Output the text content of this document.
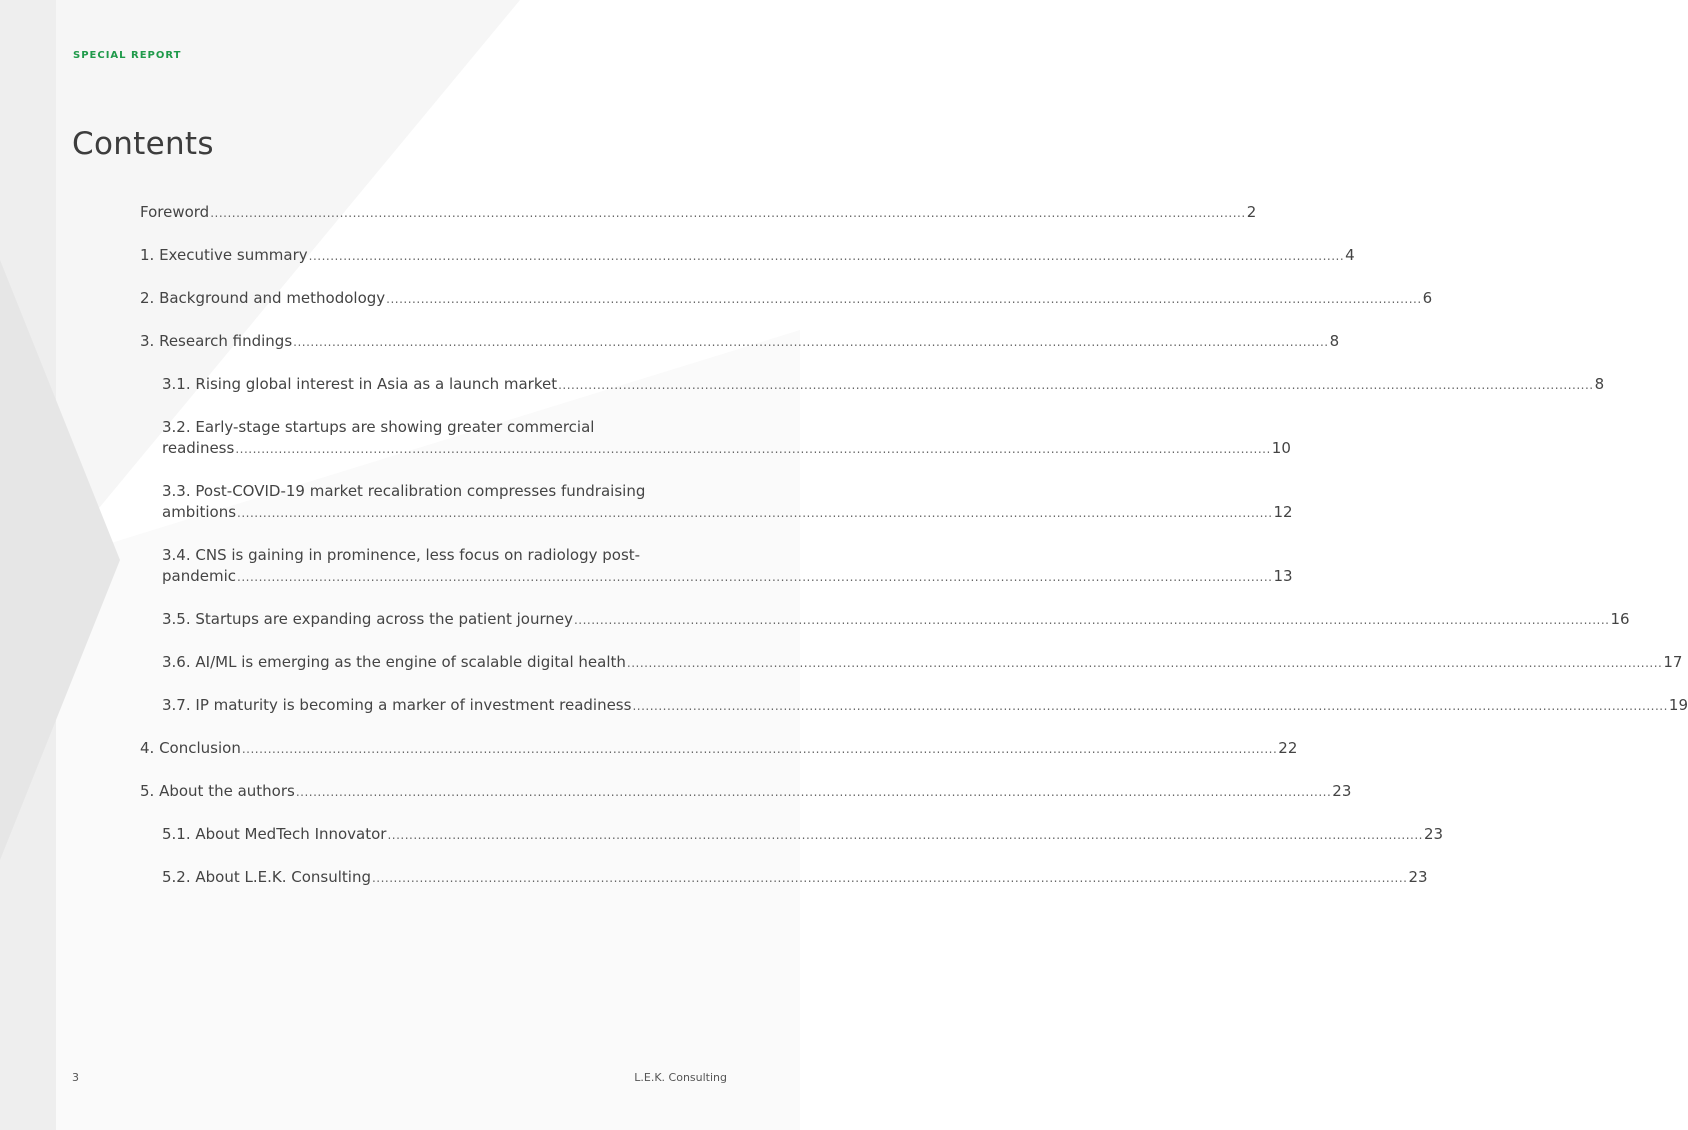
SPECIAL REPORT
Contents
Foreword ................................................................................................................................................................................................................................................ 2
1. Executive summary ................................................................................................................................................................................................................................................ 4
2. Background and methodology ................................................................................................................................................................................................................................................ 6
3. Research findings ................................................................................................................................................................................................................................................ 8
3.1. Rising global interest in Asia as a launch market ................................................................................................................................................................................................................................................ 8
3.2. Early-stage startups are showing greater commercial
readiness ................................................................................................................................................................................................................................................ 10
3.3. Post-COVID-19 market recalibration compresses fundraising
ambitions ................................................................................................................................................................................................................................................ 12
3.4. CNS is gaining in prominence, less focus on radiology post-
pandemic ................................................................................................................................................................................................................................................ 13
3.5. Startups are expanding across the patient journey ................................................................................................................................................................................................................................................ 16
3.6. AI/ML is emerging as the engine of scalable digital health ................................................................................................................................................................................................................................................ 17
3.7. IP maturity is becoming a marker of investment readiness ................................................................................................................................................................................................................................................ 19
4. Conclusion ................................................................................................................................................................................................................................................ 22
5. About the authors ................................................................................................................................................................................................................................................ 23
5.1. About MedTech Innovator ................................................................................................................................................................................................................................................ 23
5.2. About L.E.K. Consulting ................................................................................................................................................................................................................................................ 23
3	L.E.K. Consulting
